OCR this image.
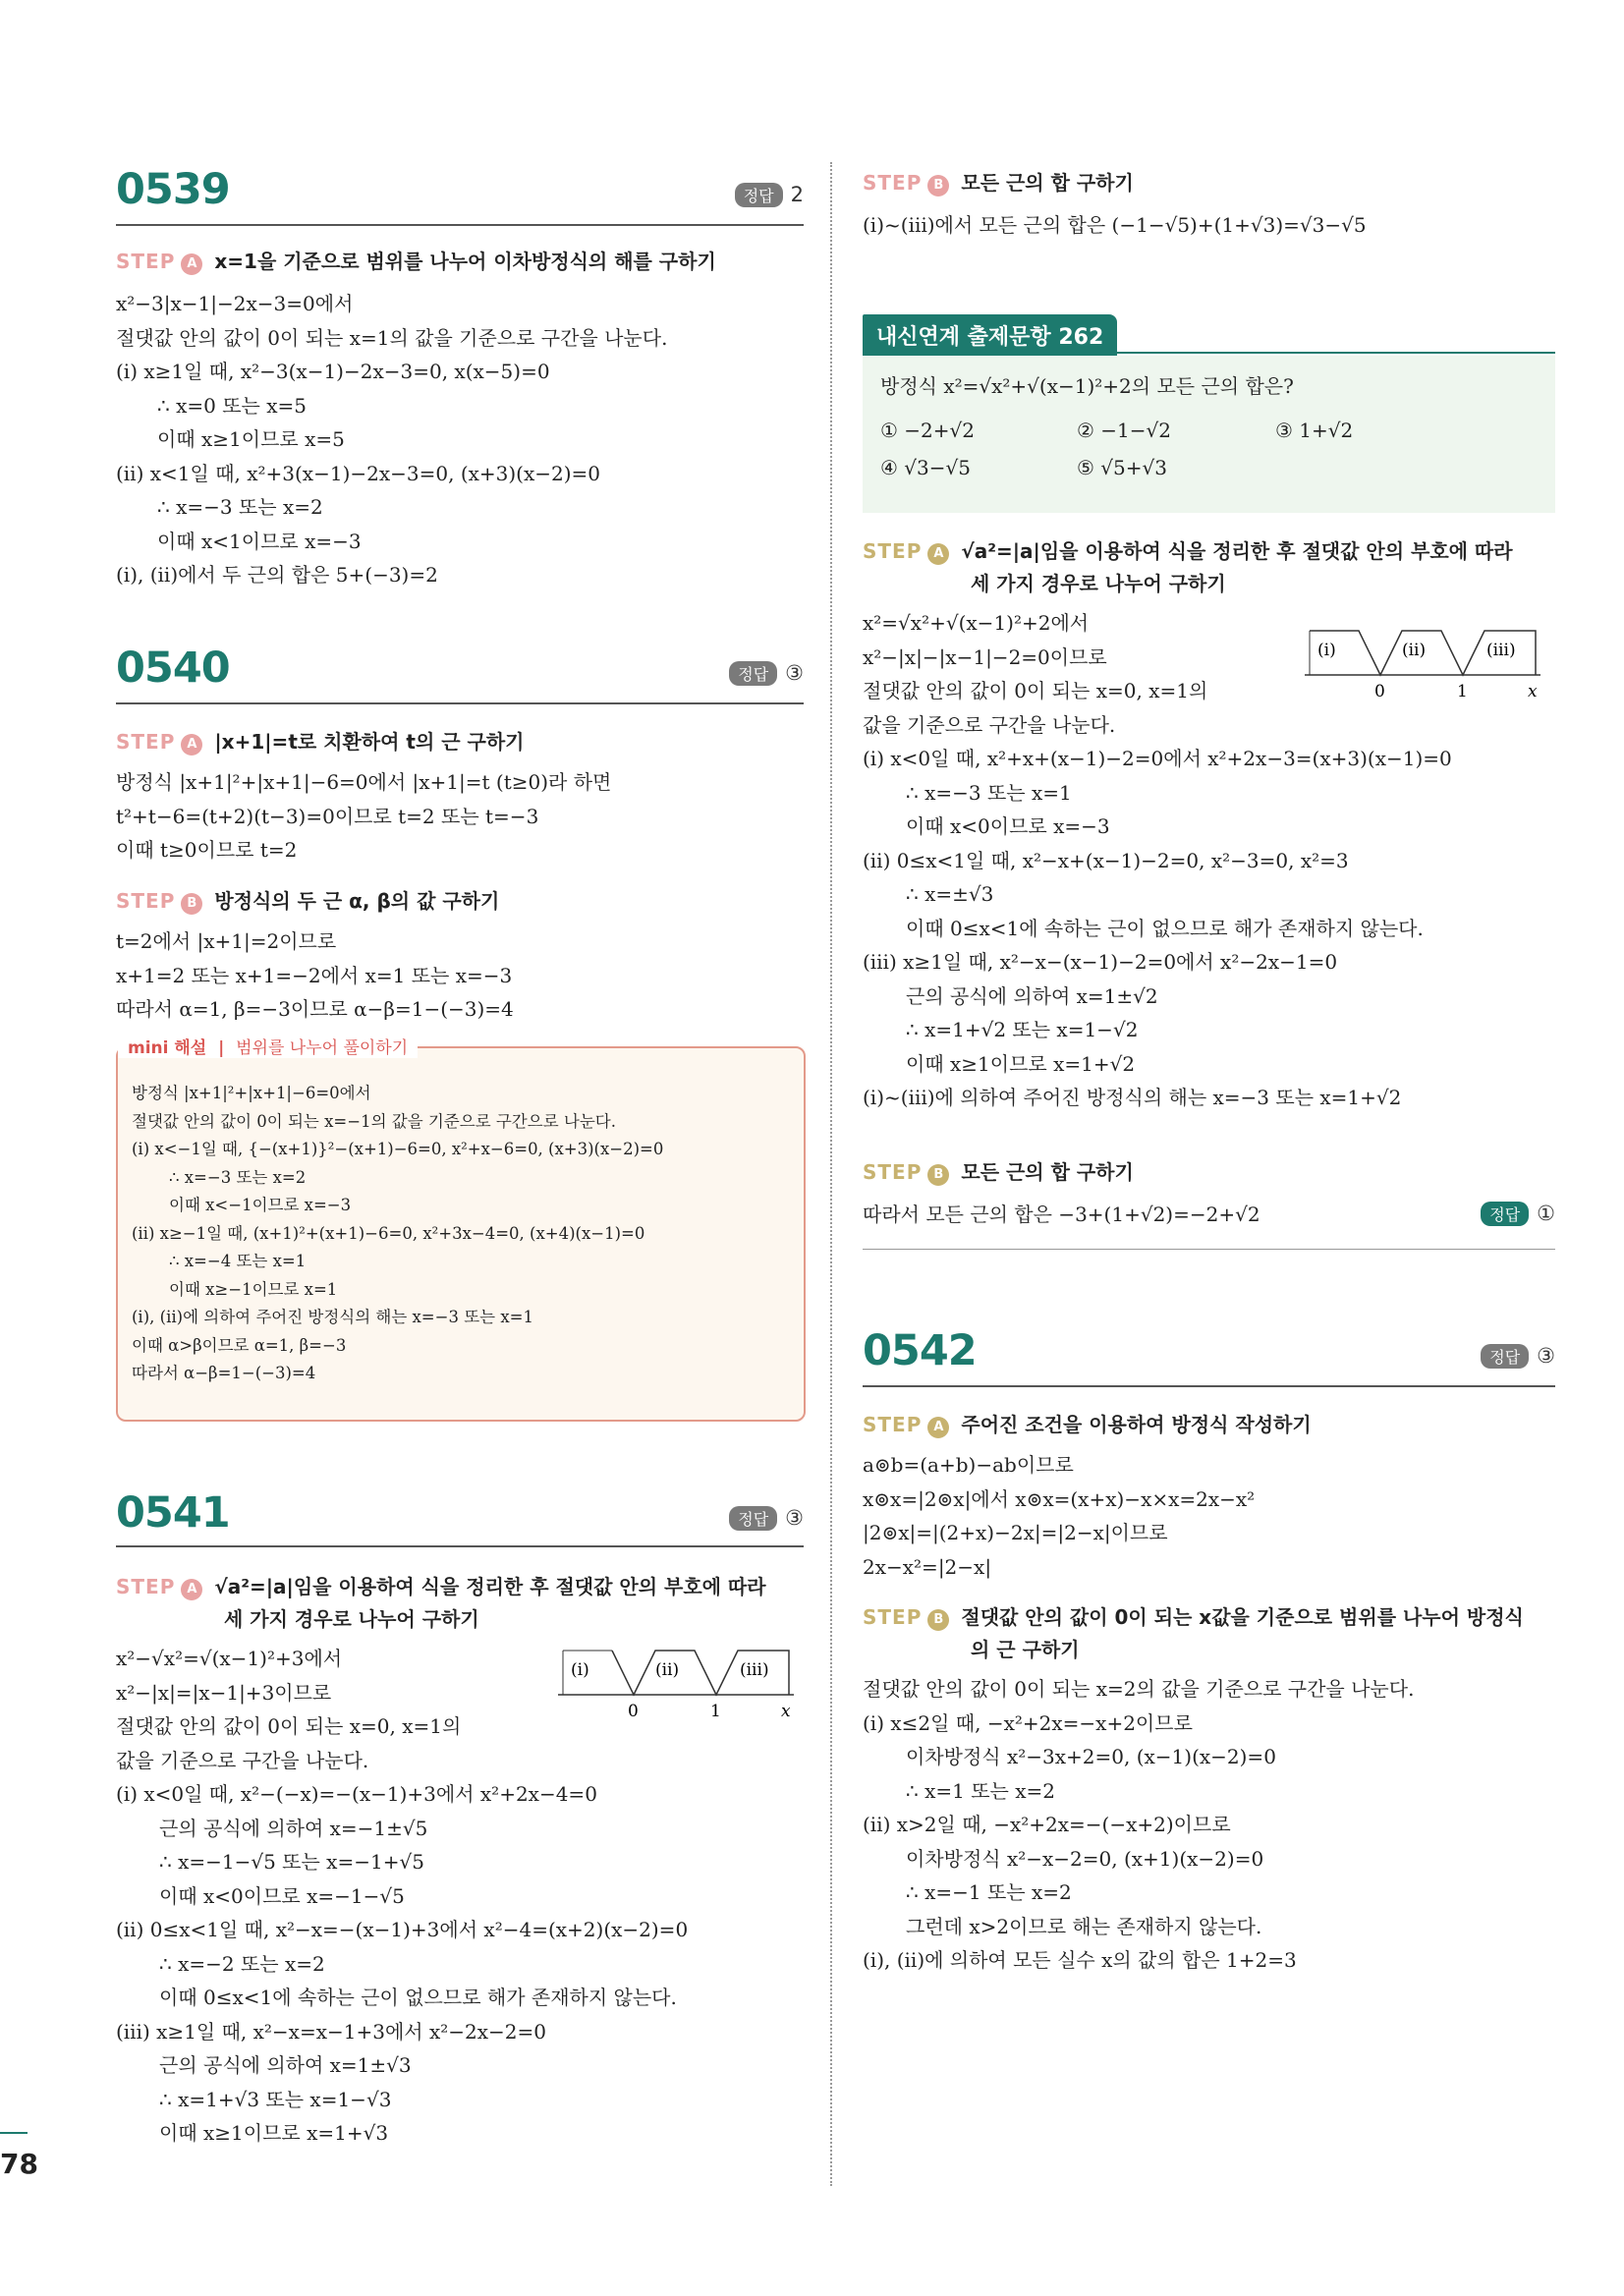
78
0539	정답 2
STEP A x=1을 기준으로 범위를 나누어 이차방정식의 해를 구하기
x²−3|x−1|−2x−3=0에서
절댓값 안의 값이 0이 되는 x=1의 값을 기준으로 구간을 나눈다.
(ⅰ) x≥1일 때, x²−3(x−1)−2x−3=0, x(x−5)=0
∴ x=0 또는 x=5
이때 x≥1이므로 x=5
(ⅱ) x<1일 때, x²+3(x−1)−2x−3=0, (x+3)(x−2)=0
∴ x=−3 또는 x=2
이때 x<1이므로 x=−3
(ⅰ), (ⅱ)에서 두 근의 합은 5+(−3)=2
0540	정답 ③
STEP A |x+1|=t로 치환하여 t의 근 구하기
방정식 |x+1|²+|x+1|−6=0에서 |x+1|=t (t≥0)라 하면
t²+t−6=(t+2)(t−3)=0이므로 t=2 또는 t=−3
이때 t≥0이므로 t=2
STEP B 방정식의 두 근 α, β의 값 구하기
t=2에서 |x+1|=2이므로
x+1=2 또는 x+1=−2에서 x=1 또는 x=−3
따라서 α=1, β=−3이므로 α−β=1−(−3)=4
mini 해설  |  범위를 나누어 풀이하기
방정식 |x+1|²+|x+1|−6=0에서
절댓값 안의 값이 0이 되는 x=−1의 값을 기준으로 구간으로 나눈다.
(ⅰ) x<−1일 때, {−(x+1)}²−(x+1)−6=0, x²+x−6=0, (x+3)(x−2)=0
∴ x=−3 또는 x=2
이때 x<−1이므로 x=−3
(ⅱ) x≥−1일 때, (x+1)²+(x+1)−6=0, x²+3x−4=0, (x+4)(x−1)=0
∴ x=−4 또는 x=1
이때 x≥−1이므로 x=1
(ⅰ), (ⅱ)에 의하여 주어진 방정식의 해는 x=−3 또는 x=1
이때 α>β이므로 α=1, β=−3
따라서 α−β=1−(−3)=4
0541	정답 ③
STEP A √a²=|a|임을 이용하여 식을 정리한 후 절댓값 안의 부호에 따라
세 가지 경우로 나누어 구하기
x²−√x²=√(x−1)²+3에서
x²−|x|=|x−1|+3이므로
절댓값 안의 값이 0이 되는 x=0, x=1의
값을 기준으로 구간을 나눈다.
(ⅰ)	(ⅱ)	(ⅲ)
0	1	x
(ⅰ) x<0일 때, x²−(−x)=−(x−1)+3에서 x²+2x−4=0
근의 공식에 의하여 x=−1±√5
∴ x=−1−√5 또는 x=−1+√5
이때 x<0이므로 x=−1−√5
(ⅱ) 0≤x<1일 때, x²−x=−(x−1)+3에서 x²−4=(x+2)(x−2)=0
∴ x=−2 또는 x=2
이때 0≤x<1에 속하는 근이 없으므로 해가 존재하지 않는다.
(ⅲ) x≥1일 때, x²−x=x−1+3에서 x²−2x−2=0
근의 공식에 의하여 x=1±√3
∴ x=1+√3 또는 x=1−√3
이때 x≥1이므로 x=1+√3
STEP B 모든 근의 합 구하기
(ⅰ)~(ⅲ)에서 모든 근의 합은 (−1−√5)+(1+√3)=√3−√5
내신연계 출제문항 262
방정식 x²=√x²+√(x−1)²+2의 모든 근의 합은?
① −2+√2	② −1−√2	③ 1+√2
④ √3−√5	⑤ √5+√3
STEP A √a²=|a|임을 이용하여 식을 정리한 후 절댓값 안의 부호에 따라
세 가지 경우로 나누어 구하기
x²=√x²+√(x−1)²+2에서
x²−|x|−|x−1|−2=0이므로
절댓값 안의 값이 0이 되는 x=0, x=1의
값을 기준으로 구간을 나눈다.
(ⅰ)	(ⅱ)	(ⅲ)
0	1	x
(ⅰ) x<0일 때, x²+x+(x−1)−2=0에서 x²+2x−3=(x+3)(x−1)=0
∴ x=−3 또는 x=1
이때 x<0이므로 x=−3
(ⅱ) 0≤x<1일 때, x²−x+(x−1)−2=0, x²−3=0, x²=3
∴ x=±√3
이때 0≤x<1에 속하는 근이 없으므로 해가 존재하지 않는다.
(ⅲ) x≥1일 때, x²−x−(x−1)−2=0에서 x²−2x−1=0
근의 공식에 의하여 x=1±√2
∴ x=1+√2 또는 x=1−√2
이때 x≥1이므로 x=1+√2
(ⅰ)~(ⅲ)에 의하여 주어진 방정식의 해는 x=−3 또는 x=1+√2
STEP B 모든 근의 합 구하기
따라서 모든 근의 합은 −3+(1+√2)=−2+√2	정답 ①
0542	정답 ③
STEP A 주어진 조건을 이용하여 방정식 작성하기
a⊚b=(a+b)−ab이므로
x⊚x=|2⊚x|에서 x⊚x=(x+x)−x×x=2x−x²
|2⊚x|=|(2+x)−2x|=|2−x|이므로
2x−x²=|2−x|
STEP B 절댓값 안의 값이 0이 되는 x값을 기준으로 범위를 나누어 방정식
의 근 구하기
절댓값 안의 값이 0이 되는 x=2의 값을 기준으로 구간을 나눈다.
(ⅰ) x≤2일 때, −x²+2x=−x+2이므로
이차방정식 x²−3x+2=0, (x−1)(x−2)=0
∴ x=1 또는 x=2
(ⅱ) x>2일 때, −x²+2x=−(−x+2)이므로
이차방정식 x²−x−2=0, (x+1)(x−2)=0
∴ x=−1 또는 x=2
그런데 x>2이므로 해는 존재하지 않는다.
(ⅰ), (ⅱ)에 의하여 모든 실수 x의 값의 합은 1+2=3
